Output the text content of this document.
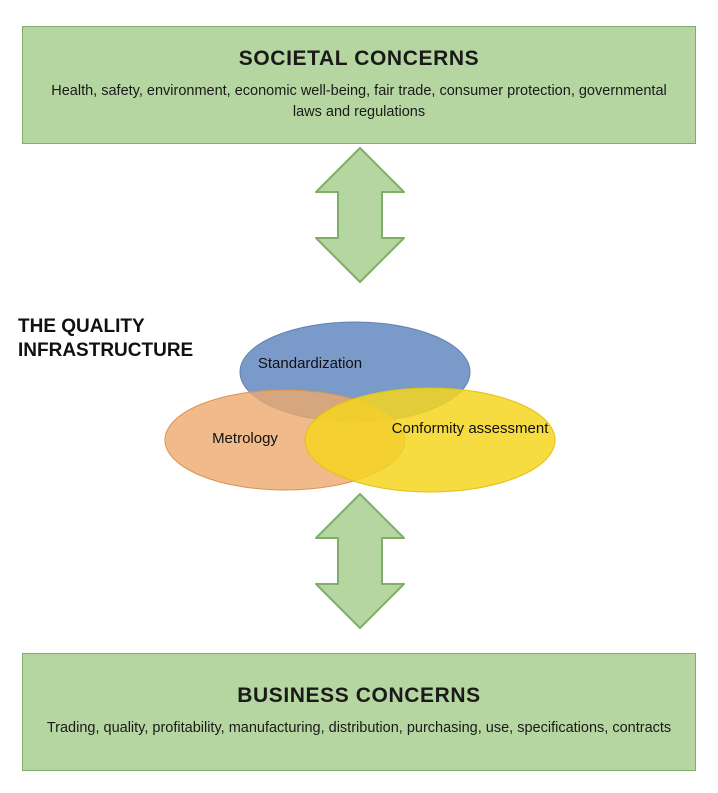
SOCIETAL CONCERNS
Health, safety, environment, economic well-being, fair trade, consumer protection, governmental laws and regulations
THE QUALITY INFRASTRUCTURE
Standardization
Metrology
Conformity assessment
BUSINESS CONCERNS
Trading, quality, profitability, manufacturing, distribution, purchasing, use, specifications, contracts
